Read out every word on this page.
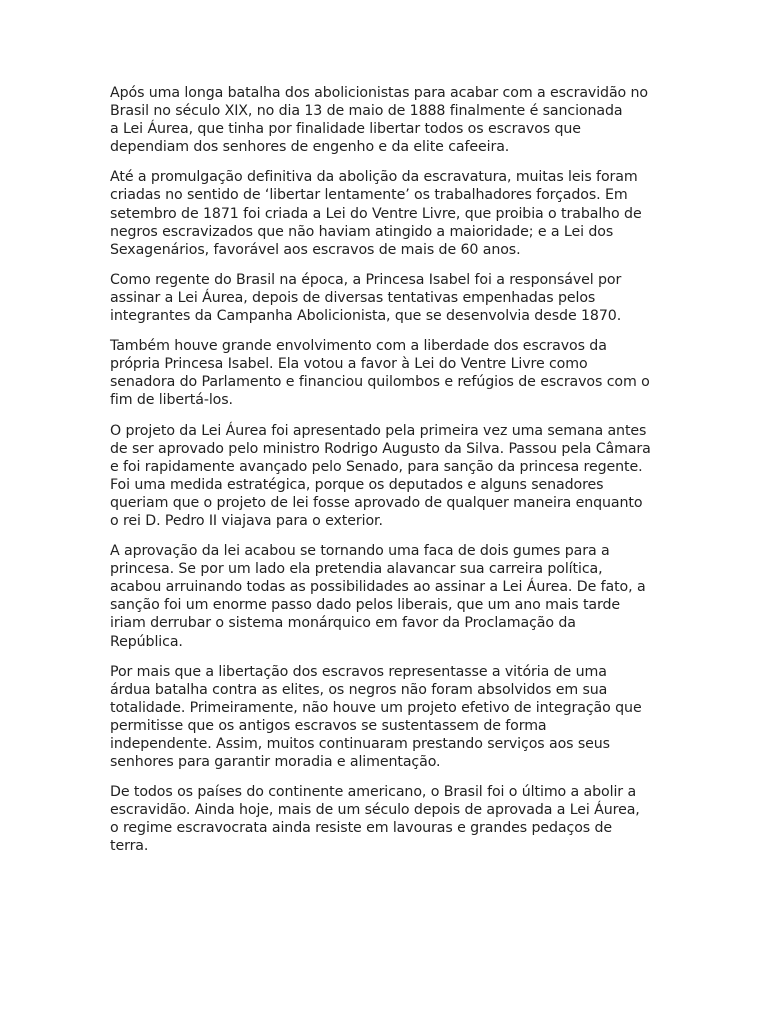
Após uma longa batalha dos abolicionistas para acabar com a escravidão no
Brasil no século XIX, no dia 13 de maio de 1888 finalmente é sancionada
a Lei Áurea, que tinha por finalidade libertar todos os escravos que
dependiam dos senhores de engenho e da elite cafeeira.

Até a promulgação definitiva da abolição da escravatura, muitas leis foram
criadas no sentido de ‘libertar lentamente’ os trabalhadores forçados. Em
setembro de 1871 foi criada a Lei do Ventre Livre, que proibia o trabalho de
negros escravizados que não haviam atingido a maioridade; e a Lei dos
Sexagenários, favorável aos escravos de mais de 60 anos.

Como regente do Brasil na época, a Princesa Isabel foi a responsável por
assinar a Lei Áurea, depois de diversas tentativas empenhadas pelos
integrantes da Campanha Abolicionista, que se desenvolvia desde 1870.

Também houve grande envolvimento com a liberdade dos escravos da
própria Princesa Isabel. Ela votou a favor à Lei do Ventre Livre como
senadora do Parlamento e financiou quilombos e refúgios de escravos com o
fim de libertá-los.

O projeto da Lei Áurea foi apresentado pela primeira vez uma semana antes
de ser aprovado pelo ministro Rodrigo Augusto da Silva. Passou pela Câmara
e foi rapidamente avançado pelo Senado, para sanção da princesa regente.
Foi uma medida estratégica, porque os deputados e alguns senadores
queriam que o projeto de lei fosse aprovado de qualquer maneira enquanto
o rei D. Pedro II viajava para o exterior.

A aprovação da lei acabou se tornando uma faca de dois gumes para a
princesa. Se por um lado ela pretendia alavancar sua carreira política,
acabou arruinando todas as possibilidades ao assinar a Lei Áurea. De fato, a
sanção foi um enorme passo dado pelos liberais, que um ano mais tarde
iriam derrubar o sistema monárquico em favor da Proclamação da
República.

Por mais que a libertação dos escravos representasse a vitória de uma
árdua batalha contra as elites, os negros não foram absolvidos em sua
totalidade. Primeiramente, não houve um projeto efetivo de integração que
permitisse que os antigos escravos se sustentassem de forma
independente. Assim, muitos continuaram prestando serviços aos seus
senhores para garantir moradia e alimentação.

De todos os países do continente americano, o Brasil foi o último a abolir a
escravidão. Ainda hoje, mais de um século depois de aprovada a Lei Áurea,
o regime escravocrata ainda resiste em lavouras e grandes pedaços de
terra.
